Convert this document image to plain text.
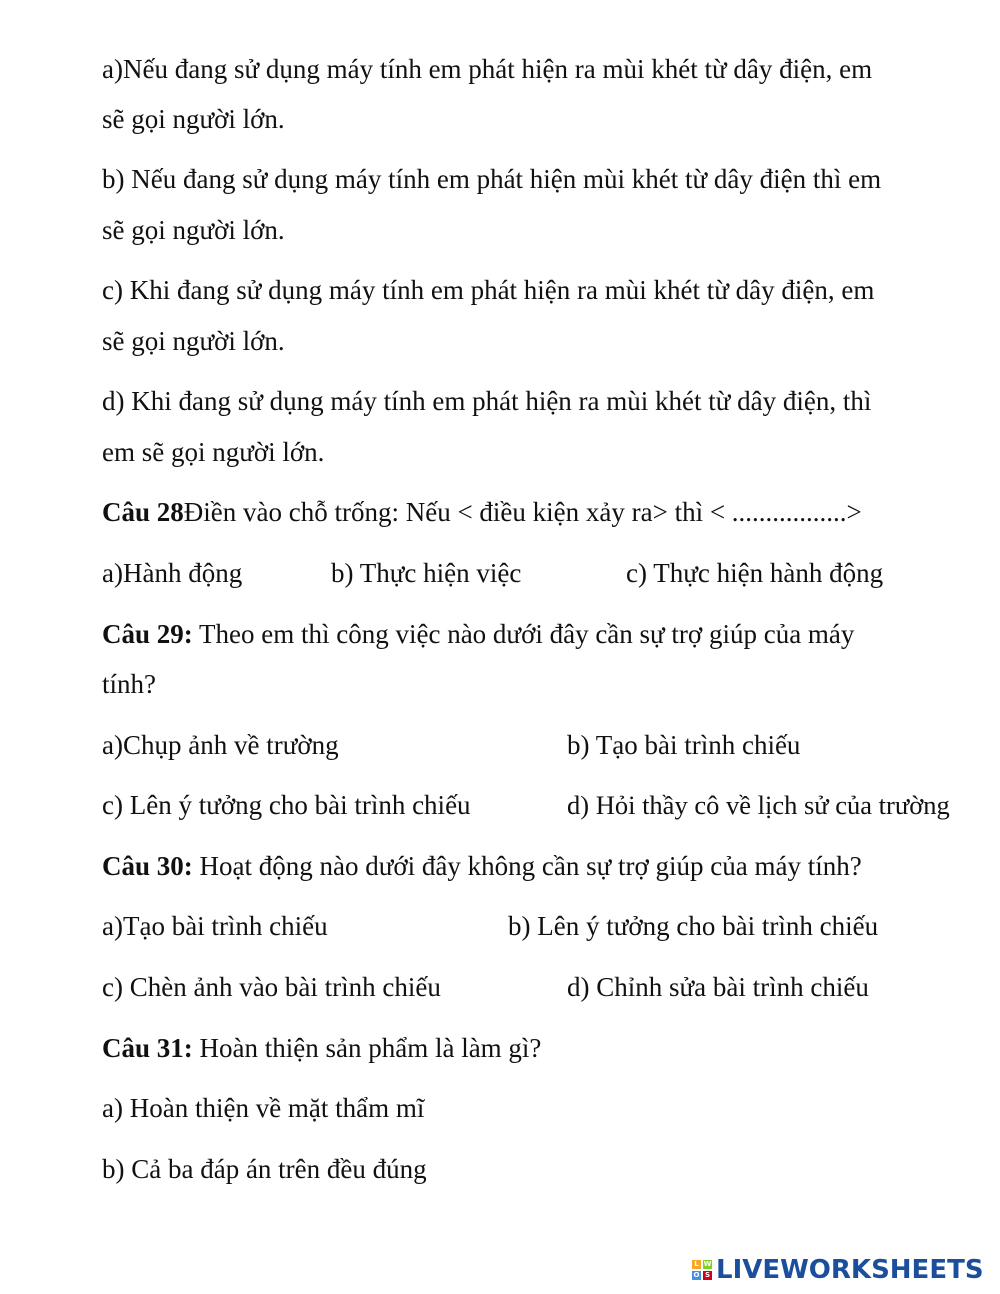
a)Nếu đang sử dụng máy tính em phát hiện ra mùi khét từ dây điện, em
sẽ gọi người lớn.
b) Nếu đang sử dụng máy tính em phát hiện mùi khét từ dây điện thì em
sẽ gọi người lớn.
c) Khi đang sử dụng máy tính em phát hiện ra mùi khét từ dây điện, em
sẽ gọi người lớn.
d) Khi đang sử dụng máy tính em phát hiện ra mùi khét từ dây điện, thì
em sẽ gọi người lớn.
Câu 28Điền vào chỗ trống: Nếu < điều kiện xảy ra> thì < .................>
a)Hành động	b) Thực hiện việc	c) Thực hiện hành động
Câu 29: Theo em thì công việc nào dưới đây cần sự trợ giúp của máy
tính?
a)Chụp ảnh về trường	b) Tạo bài trình chiếu
c) Lên ý tưởng cho bài trình chiếu	d) Hỏi thầy cô về lịch sử của trường
Câu 30: Hoạt động nào dưới đây không cần sự trợ giúp của máy tính?
a)Tạo bài trình chiếu	b) Lên ý tưởng cho bài trình chiếu
c) Chèn ảnh vào bài trình chiếu	d) Chỉnh sửa bài trình chiếu
Câu 31: Hoàn thiện sản phẩm là làm gì?
a) Hoàn thiện về mặt thẩm mĩ
b) Cả ba đáp án trên đều đúng
L W
O S LIVEWORKSHEETS
